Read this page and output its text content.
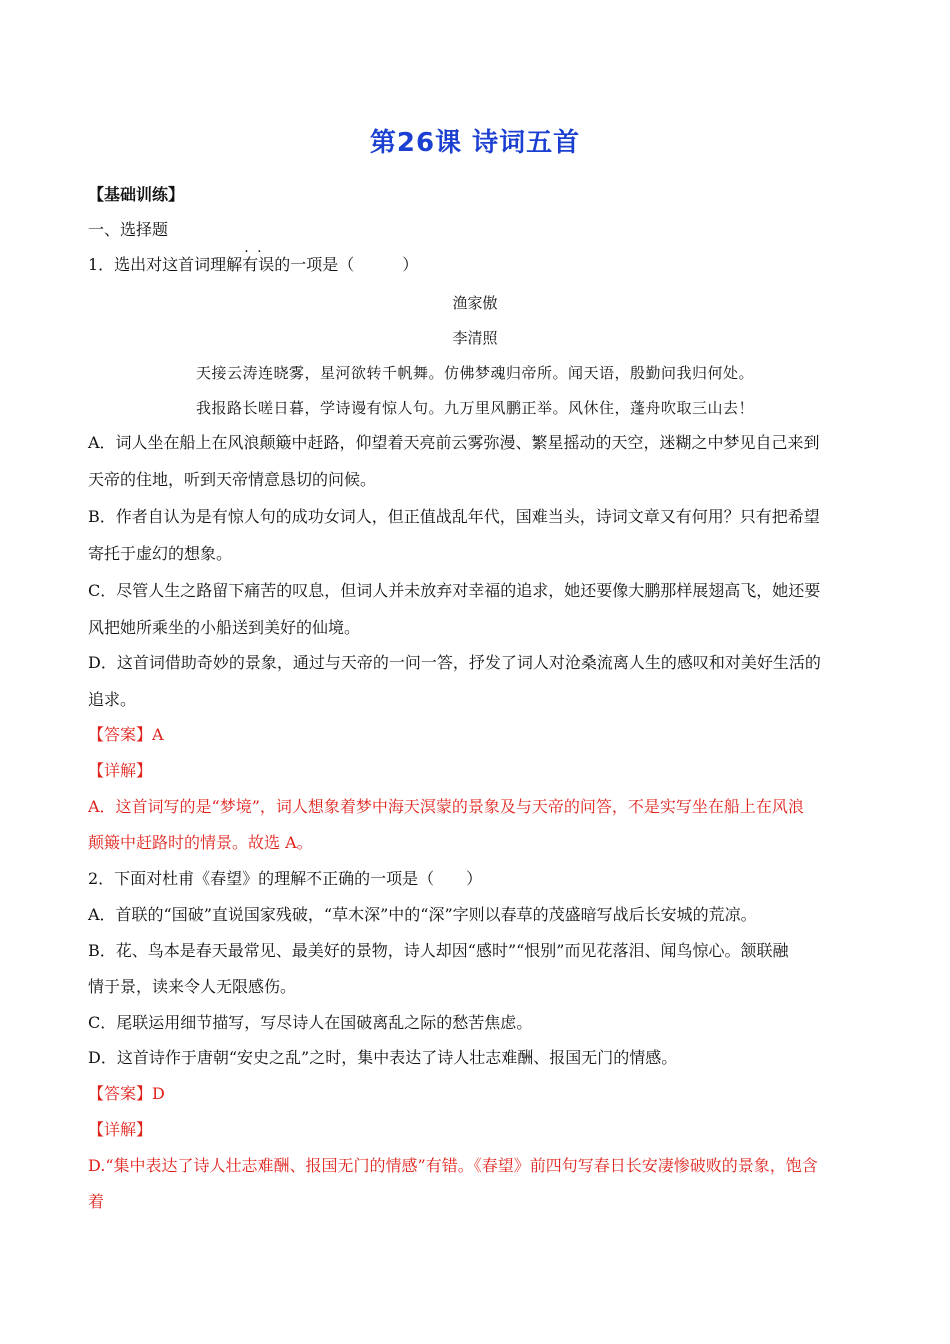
第26课 诗词五首
【基础训练】
一、选择题
1．选出对这首词理解有误 · ·的一项是（　　　）
渔家傲
李清照
天接云涛连晓雾，星河欲转千帆舞。仿佛梦魂归帝所。闻天语，殷勤问我归何处。
我报路长嗟日暮，学诗谩有惊人句。九万里风鹏正举。风休住，蓬舟吹取三山去！
A．词人坐在船上在风浪颠簸中赶路，仰望着天亮前云雾弥漫、繁星摇动的天空，迷糊之中梦见自己来到
天帝的住地，听到天帝情意恳切的问候。
B．作者自认为是有惊人句的成功女词人，但正值战乱年代，国难当头，诗词文章又有何用？只有把希望
寄托于虚幻的想象。
C．尽管人生之路留下痛苦的叹息，但词人并未放弃对幸福的追求，她还要像大鹏那样展翅高飞，她还要
风把她所乘坐的小船送到美好的仙境。
D．这首词借助奇妙的景象，通过与天帝的一问一答，抒发了词人对沧桑流离人生的感叹和对美好生活的
追求。
【答案】A
【详解】
A．这首词写的是“梦境”，词人想象着梦中海天溟蒙的景象及与天帝的问答，不是实写坐在船上在风浪
颠簸中赶路时的情景。故选 A。
2．下面对杜甫《春望》的理解不正确的一项是（　　）
A．首联的“国破”直说国家残破，“草木深”中的“深”字则以春草的茂盛暗写战后长安城的荒凉。
B．花、鸟本是春天最常见、最美好的景物，诗人却因“感时”“恨别”而见花落泪、闻鸟惊心。颔联融
情于景，读来令人无限感伤。
C．尾联运用细节描写，写尽诗人在国破离乱之际的愁苦焦虑。
D．这首诗作于唐朝“安史之乱”之时，集中表达了诗人壮志难酬、报国无门的情感。
【答案】D
【详解】
D.“集中表达了诗人壮志难酬、报国无门的情感”有错。《春望》前四句写春日长安凄惨破败的景象，饱含
着
